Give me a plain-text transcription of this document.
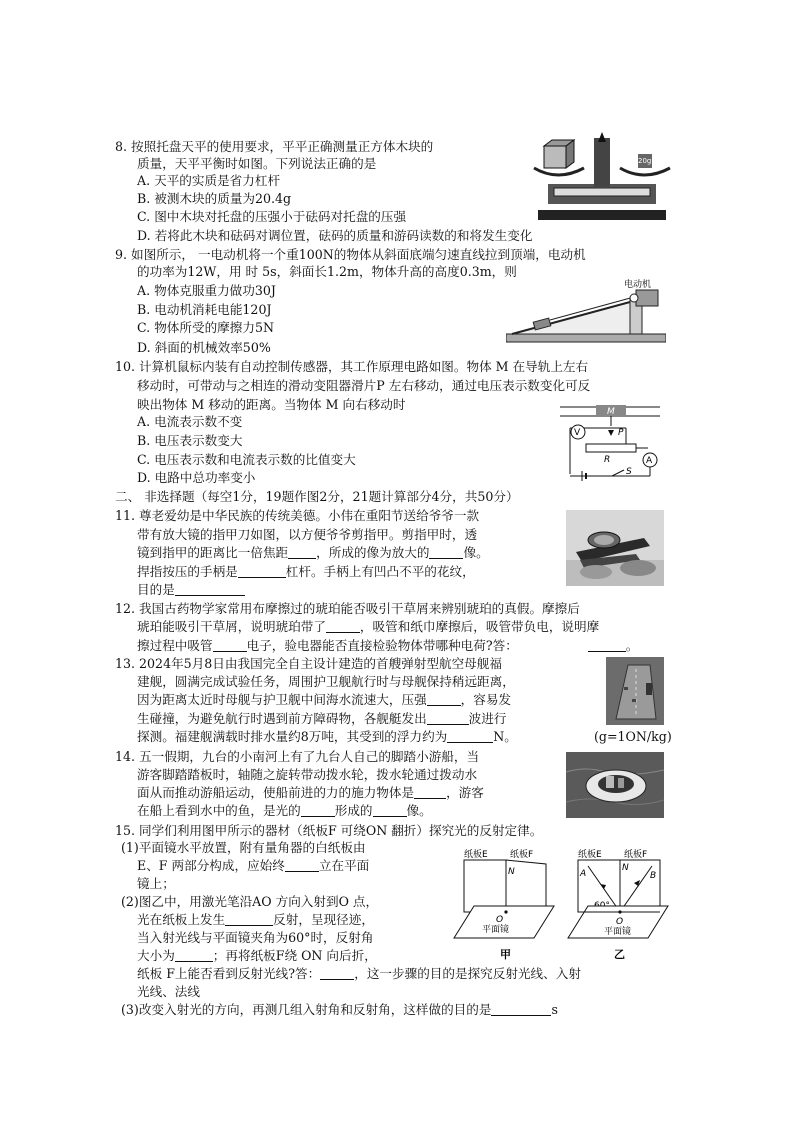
8. 按照托盘天平的使用要求，平平正确测量正方体木块的
质量，天平平衡时如图。下列说法正确的是
A. 天平的实质是省力杠杆
B. 被测木块的质量为20.4g
C. 图中木块对托盘的压强小于砝码对托盘的压强
D. 若将此木块和砝码对调位置，砝码的质量和游码读数的和将发生变化
20g
9. 如图所示， 一电动机将一个重100N的物体从斜面底端匀速直线拉到顶端，电动机
的功率为12W，用 时 5s，斜面长1.2m，物体升高的高度0.3m，则
A. 物体克服重力做功30J
B. 电动机消耗电能120J
C. 物体所受的摩擦力5N
D. 斜面的机械效率50%
电动机
10. 计算机鼠标内装有自动控制传感器，其工作原理电路如图。物体 M 在导轨上左右
移动时，可带动与之相连的滑动变阻器滑片P 左右移动，通过电压表示数变化可反
映出物体 M 移动的距离。当物体 M 向右移动时
A. 电流表示数不变
B. 电压表示数变大
C. 电压表示数和电流表示数的比值变大
D. 电路中总功率变小
M
V	P
R	A
S
二、 非选择题（每空1分，19题作图2分，21题计算部分4分，共50分）
11. 尊老爱幼是中华民族的传统美德。小伟在重阳节送给爷爷一款
带有放大镜的指甲刀如图，以方便爷爷剪指甲。剪指甲时，透
镜到指甲的距离比一倍焦距 ，所成的像为放大的	像。
捍指按压的手柄是	杠杆。手柄上有凹凸不平的花纹，
目的是
12. 我国古药物学家常用布摩擦过的琥珀能否吸引干草屑来辨别琥珀的真假。摩擦后
琥珀能吸引干草屑，说明琥珀带了	，吸管和纸巾摩擦后，吸管带负电，说明摩
擦过程中吸管	电子，验电器能否直接检验物体带哪种电荷?答：	。
13. 2024年5月8日由我国完全自主设计建造的首艘弹射型航空母舰福
建舰，圆满完成试验任务，周围护卫舰航行时与母舰保持稍远距离，
因为距离太近时母舰与护卫舰中间海水流速大，压强	，容易发
生碰撞，为避免航行时遇到前方障碍物，各舰艇发出	波进行
探测。福建舰满载时排水量约8万吨，其受到的浮力约为	N。	(g=1ON/kg)
14. 五一假期，九台的小南河上有了九台人自己的脚踏小游船，当
游客脚踏踏板时，轴随之旋转带动拨水轮，拨水轮通过拨动水
面从而推动游船运动，使船前进的力的施力物体是	，游客
在船上看到水中的鱼，是光的	形成的	像。
15. 同学们利用图甲所示的器材（纸板F 可绕ON 翻折）探究光的反射定律。
(1)平面镜水平放置，附有量角器的白纸板由
E、F 两部分构成，应始终	立在平面
镜上；
(2)图乙中，用激光笔沿AO 方向入射到O 点，
光在纸板上发生	反射，呈现径迹，
当入射光线与平面镜夹角为60°时，反射角
大小为	；再将纸板F绕 ON 向后折，
纸板 F上能否看到反射光线?答：	，这一步骤的目的是探究反射光线、入射
光线、法线
(3)改变入射光的方向，再测几组入射角和反射角，这样做的目的是	s
纸板E 纸板F
N
O
平面镜
甲
纸板E 纸板F
A	B
N
O
平面镜
乙
